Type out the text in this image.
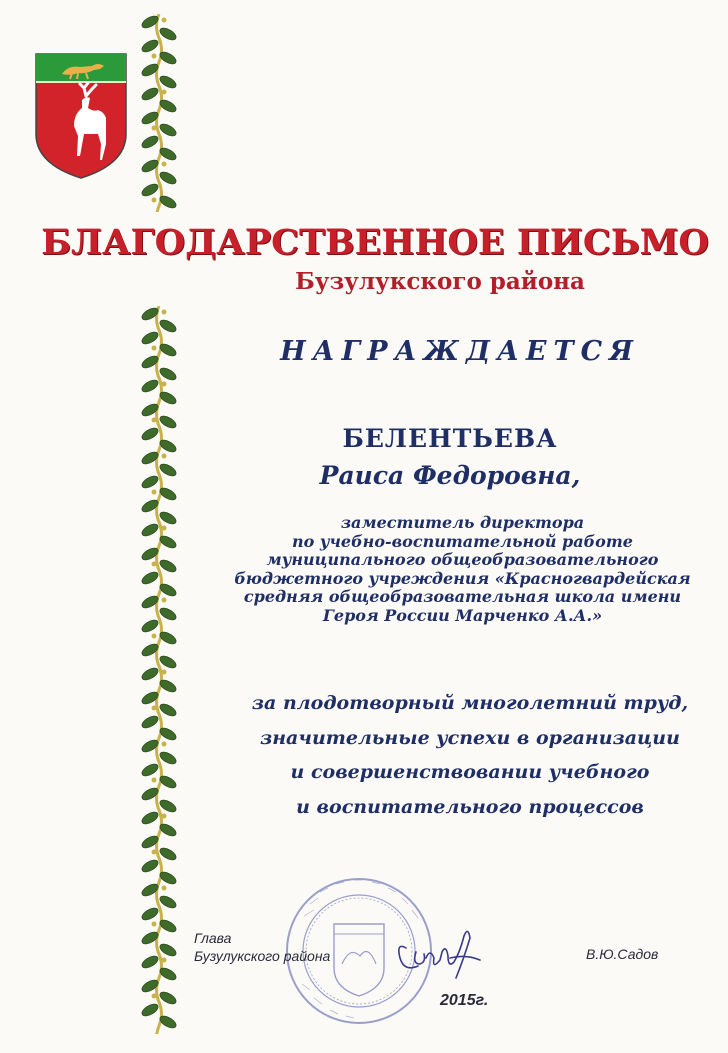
БЛАГОДАРСТВЕННОЕ ПИСЬМО
Бузулукского района
НАГРАЖДАЕТСЯ
БЕЛЕНТЬЕВА
Раиса Федоровна,
заместитель директора
по учебно-воспитательной работе
муниципального общеобразовательного
бюджетного учреждения «Красногвардейская
средняя общеобразовательная школа имени
Героя России Марченко А.А.»
за плодотворный многолетний труд,
значительные успехи в организации
и совершенствовании учебного
и воспитательного процессов
Глава
Бузулукского района	В.Ю.Садов
2015г.
